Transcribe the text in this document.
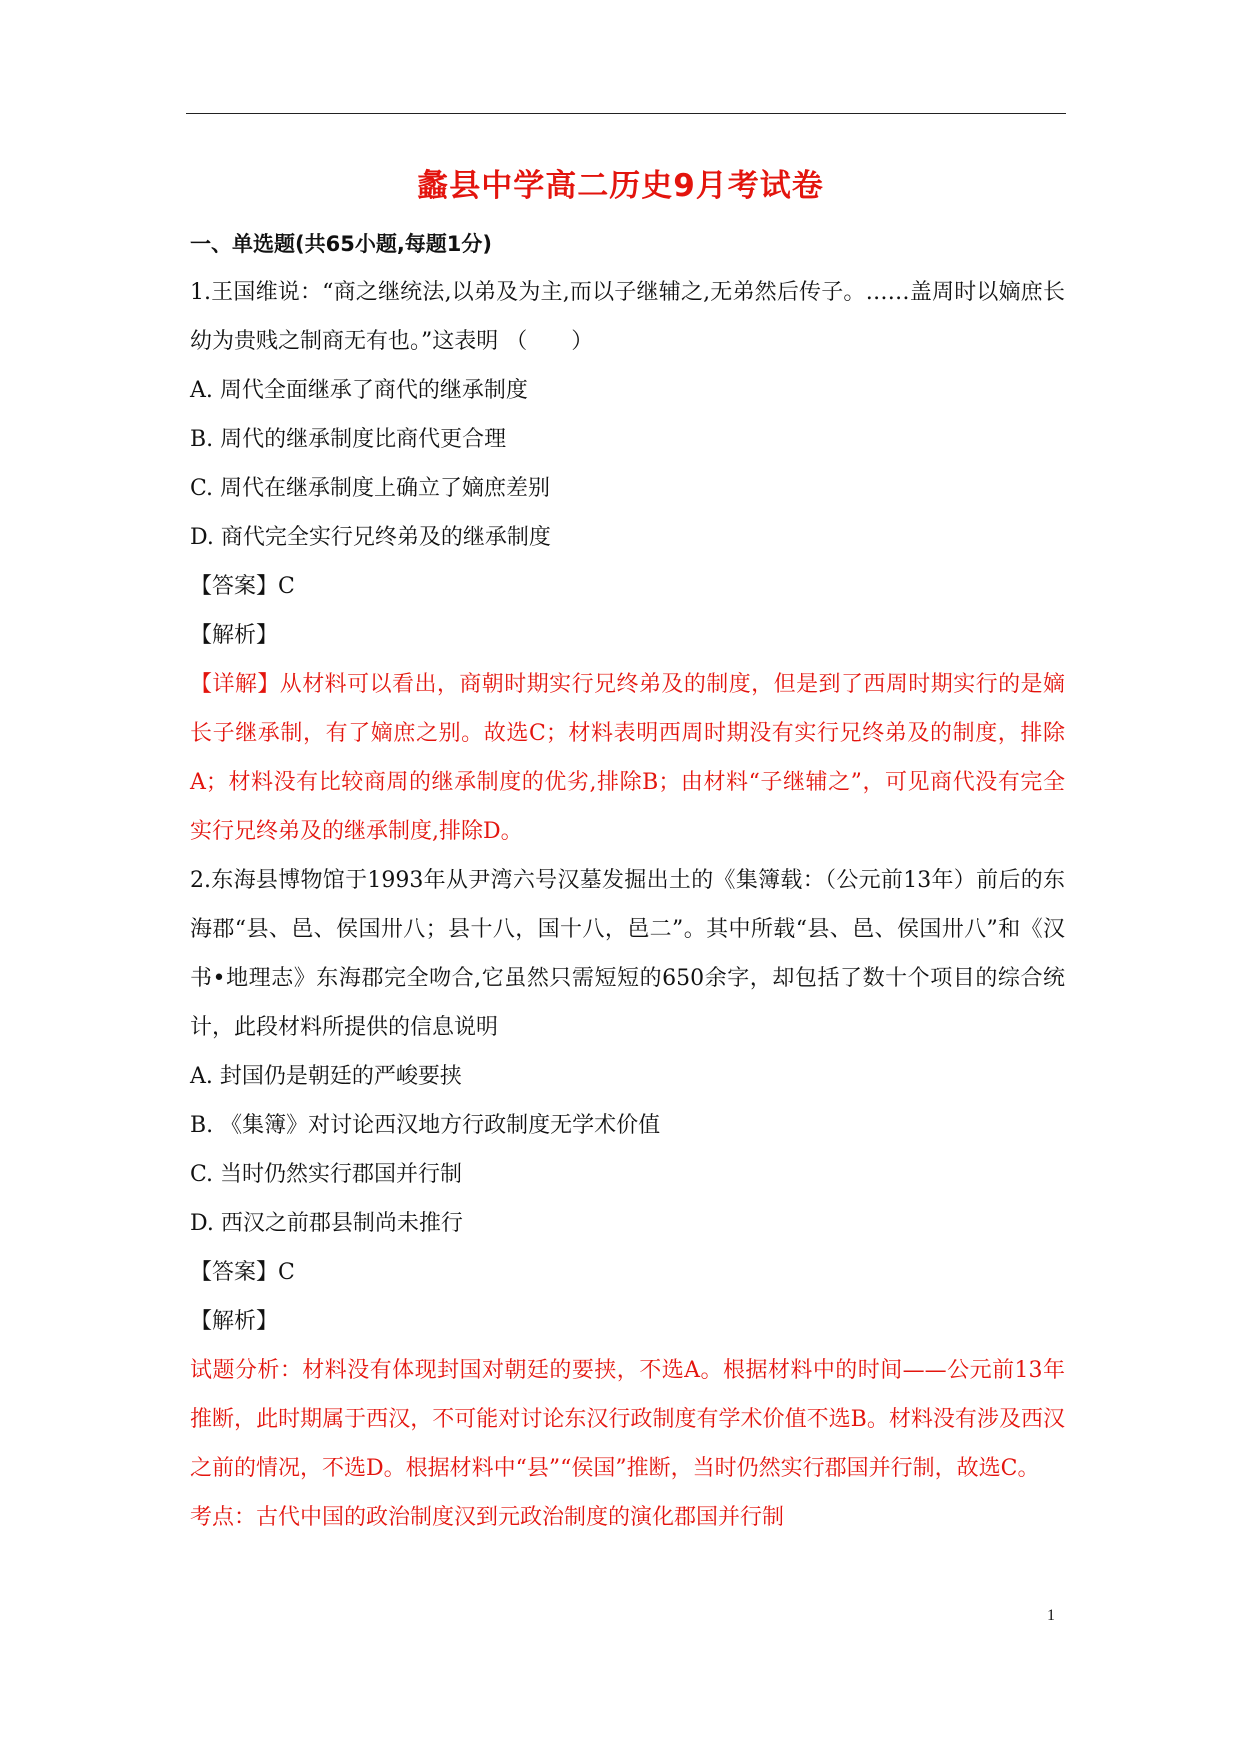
蠡县中学高二历史9月考试卷
一、单选题(共65小题,每题1分)

1.王国维说：“商之继统法,以弟及为主,而以子继辅之,无弟然后传子。……盖周时以嫡庶长幼为贵贱之制商无有也。”这表明 （　　）

A. 周代全面继承了商代的继承制度

B. 周代的继承制度比商代更合理

C. 周代在继承制度上确立了嫡庶差别

D. 商代完全实行兄终弟及的继承制度

【答案】C

【解析】

【详解】从材料可以看出，商朝时期实行兄终弟及的制度，但是到了西周时期实行的是嫡长子继承制，有了嫡庶之别。故选C；材料表明西周时期没有实行兄终弟及的制度，排除A；材料没有比较商周的继承制度的优劣,排除B；由材料“子继辅之”，可见商代没有完全实行兄终弟及的继承制度,排除D。

2.东海县博物馆于1993年从尹湾六号汉墓发掘出土的《集簿载：（公元前13年）前后的东海郡“县、邑、侯国卅八；县十八，国十八，邑二”。其中所载“县、邑、侯国卅八”和《汉书•地理志》东海郡完全吻合,它虽然只需短短的650余字，却包括了数十个项目的综合统计，此段材料所提供的信息说明

A. 封国仍是朝廷的严峻要挟

B. 《集簿》对讨论西汉地方行政制度无学术价值

C. 当时仍然实行郡国并行制

D. 西汉之前郡县制尚未推行

【答案】C

【解析】

试题分析：材料没有体现封国对朝廷的要挟，不选A。根据材料中的时间——公元前13年推断，此时期属于西汉，不可能对讨论东汉行政制度有学术价值不选B。材料没有涉及西汉之前的情况，不选D。根据材料中“县”“侯国”推断，当时仍然实行郡国并行制，故选C。

考点：古代中国的政治制度汉到元政治制度的演化郡国并行制

1
